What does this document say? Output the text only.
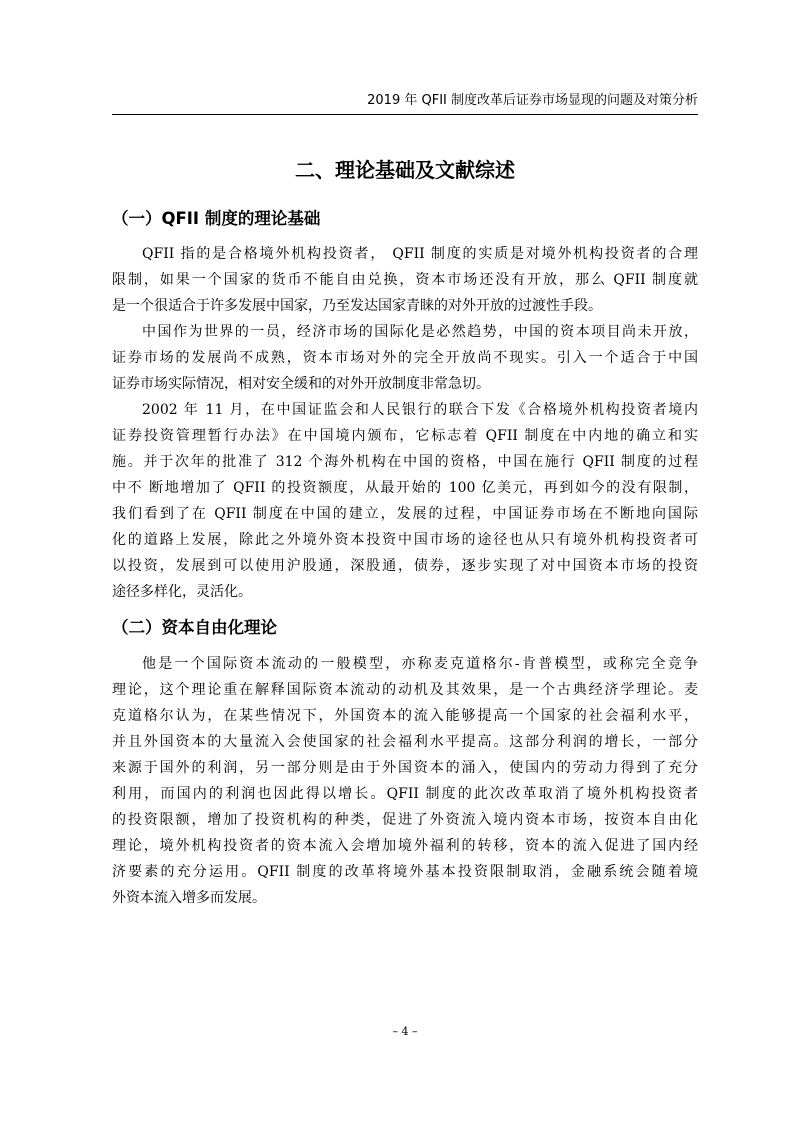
2019 年 QFII 制度改革后证券市场显现的问题及对策分析
二、理论基础及文献综述
（一）QFII 制度的理论基础
QFII 指的是合格境外机构投资者， QFII 制度的实质是对境外机构投资者的合理
限制，如果一个国家的货币不能自由兑换，资本市场还没有开放，那么 QFII 制度就
是一个很适合于许多发展中国家，乃至发达国家青睐的对外开放的过渡性手段。
中国作为世界的一员，经济市场的国际化是必然趋势，中国的资本项目尚未开放，
证券市场的发展尚不成熟，资本市场对外的完全开放尚不现实。引入一个适合于中国
证券市场实际情况，相对安全缓和的对外开放制度非常急切。
2002 年 11 月，在中国证监会和人民银行的联合下发《合格境外机构投资者境内
证券投资管理暂行办法》在中国境内颁布，它标志着 QFII 制度在中内地的确立和实
施。并于次年的批准了 312 个海外机构在中国的资格，中国在施行 QFII 制度的过程
中不 断地增加了 QFII 的投资额度，从最开始的 100 亿美元，再到如今的没有限制，
我们看到了在 QFII 制度在中国的建立，发展的过程，中国证券市场在不断地向国际
化的道路上发展，除此之外境外资本投资中国市场的途径也从只有境外机构投资者可
以投资，发展到可以使用沪股通，深股通，债券，逐步实现了对中国资本市场的投资
途径多样化，灵活化。
（二）资本自由化理论
他是一个国际资本流动的一般模型，亦称麦克道格尔-肯普模型，或称完全竞争
理论，这个理论重在解释国际资本流动的动机及其效果，是一个古典经济学理论。麦
克道格尔认为，在某些情况下，外国资本的流入能够提高一个国家的社会福利水平，
并且外国资本的大量流入会使国家的社会福利水平提高。这部分利润的增长，一部分
来源于国外的利润，另一部分则是由于外国资本的涌入，使国内的劳动力得到了充分
利用，而国内的利润也因此得以增长。QFII 制度的此次改革取消了境外机构投资者
的投资限额，增加了投资机构的种类，促进了外资流入境内资本市场，按资本自由化
理论，境外机构投资者的资本流入会增加境外福利的转移，资本的流入促进了国内经
济要素的充分运用。QFII 制度的改革将境外基本投资限制取消，金融系统会随着境
外资本流入增多而发展。
– 4 –
